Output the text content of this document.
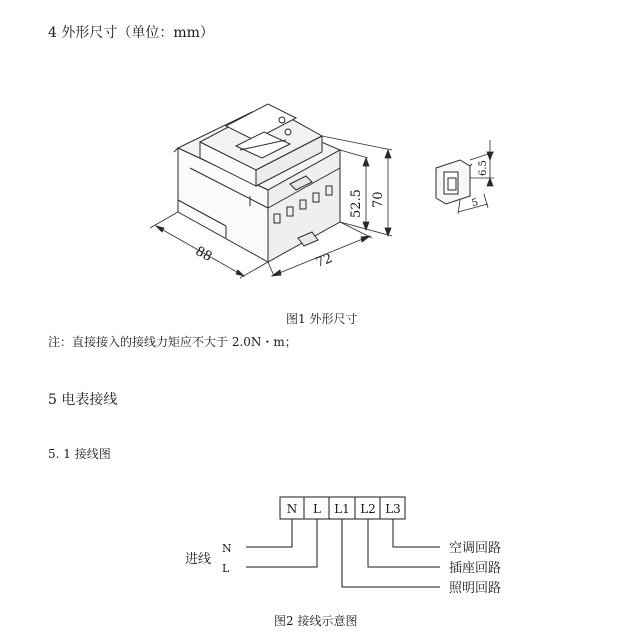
4 外形尺寸（单位：mm）
88	72
70
52.5
6.5
5
图1 外形尺寸
注：直接接入的接线力矩应不大于 2.0N・m；
5 电表接线
5. 1 接线图
N L L1 L2 L3
进线
N
L
空调回路
插座回路
照明回路
图2 接线示意图
